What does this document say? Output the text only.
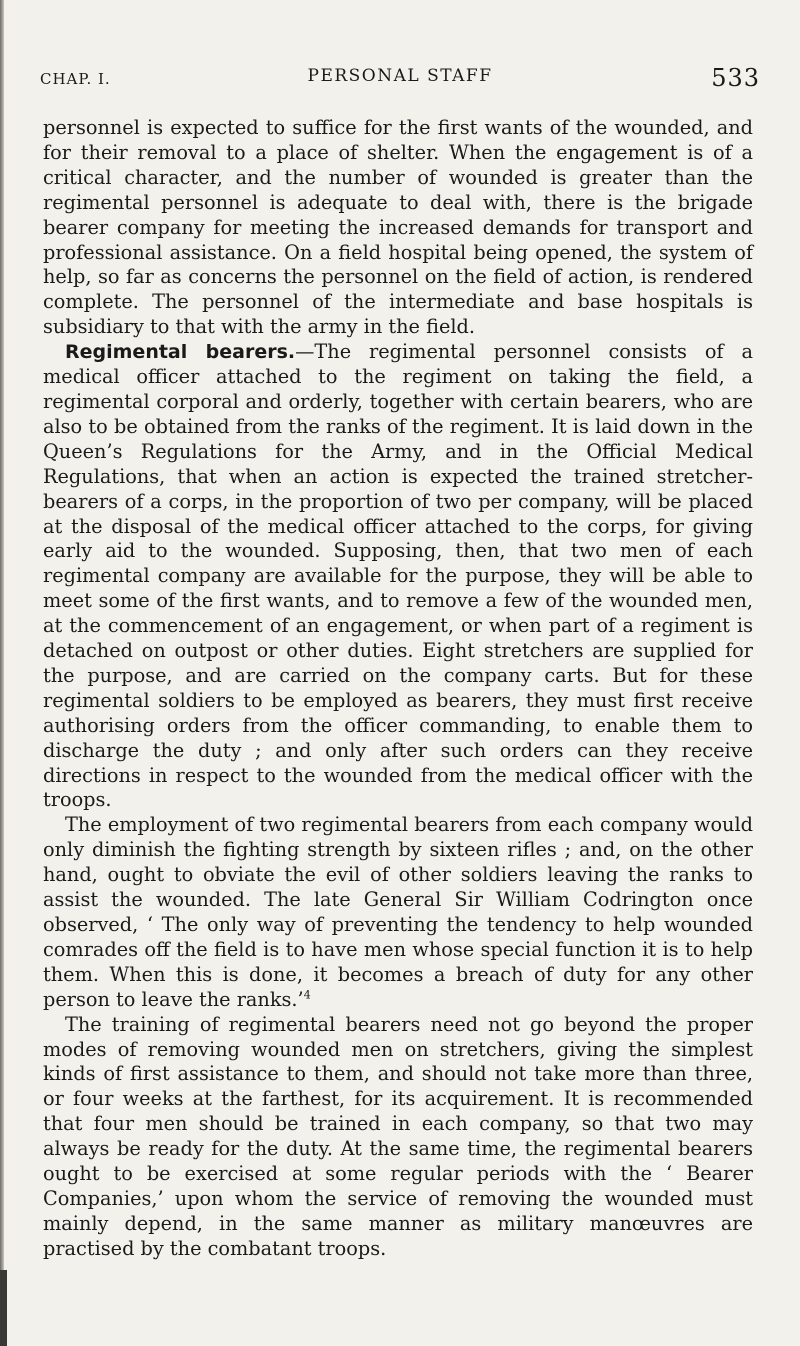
CHAP. I.	PERSONAL STAFF	533

personnel is expected to suffice for the first wants of the wounded, and for their removal to a place of shelter. When the engagement is of a critical character, and the number of wounded is greater than the regimental personnel is adequate to deal with, there is the brigade bearer company for meeting the increased demands for transport and professional assistance. On a field hospital being opened, the system of help, so far as concerns the personnel on the field of action, is rendered complete. The personnel of the intermediate and base hospitals is subsidiary to that with the army in the field.

Regimental bearers.—The regimental personnel consists of a medical officer attached to the regiment on taking the field, a regimental corporal and orderly, together with certain bearers, who are also to be obtained from the ranks of the regiment. It is laid down in the Queen’s Regulations for the Army, and in the Official Medical Regulations, that when an action is expected the trained stretcher-bearers of a corps, in the proportion of two per company, will be placed at the disposal of the medical officer attached to the corps, for giving early aid to the wounded. Supposing, then, that two men of each regimental company are available for the purpose, they will be able to meet some of the first wants, and to remove a few of the wounded men, at the commencement of an engagement, or when part of a regiment is detached on outpost or other duties. Eight stretchers are supplied for the purpose, and are carried on the company carts. But for these regimental soldiers to be employed as bearers, they must first receive authorising orders from the officer commanding, to enable them to discharge the duty ; and only after such orders can they receive directions in respect to the wounded from the medical officer with the troops.

The employment of two regimental bearers from each company would only diminish the fighting strength by sixteen rifles ; and, on the other hand, ought to obviate the evil of other soldiers leaving the ranks to assist the wounded. The late General Sir William Codrington once observed, ‘ The only way of preventing the tendency to help wounded comrades off the field is to have men whose special function it is to help them. When this is done, it becomes a breach of duty for any other person to leave the ranks.’$^4$

The training of regimental bearers need not go beyond the proper modes of removing wounded men on stretchers, giving the simplest kinds of first assistance to them, and should not take more than three, or four weeks at the farthest, for its acquirement. It is recommended that four men should be trained in each company, so that two may always be ready for the duty. At the same time, the regimental bearers ought to be exercised at some regular periods with the ‘ Bearer Companies,’ upon whom the service of removing the wounded must mainly depend, in the same manner as military manœuvres are practised by the combatant troops.
